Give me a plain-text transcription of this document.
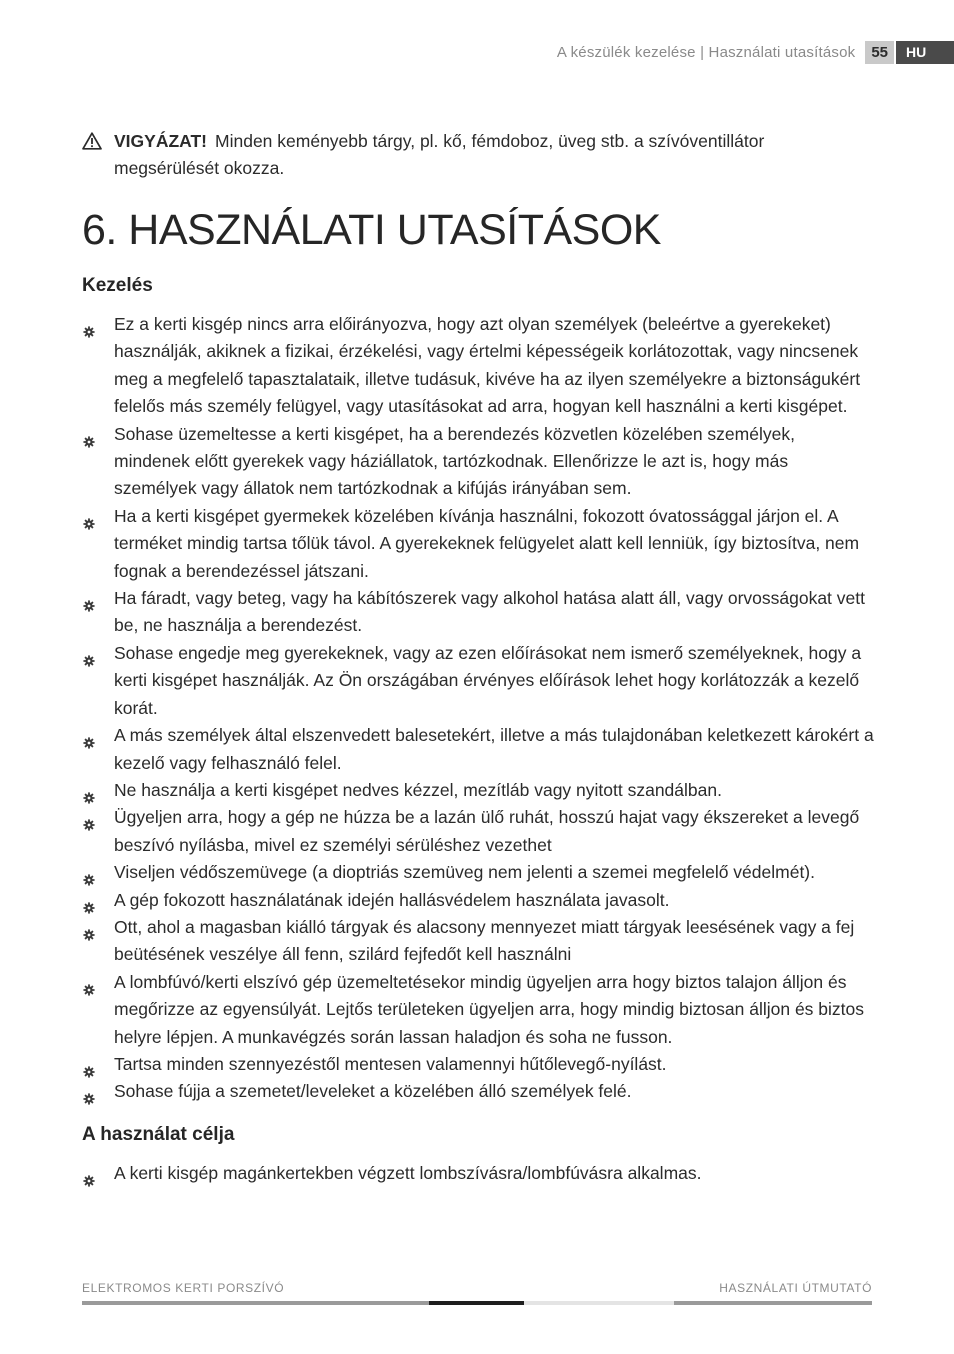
A készülék kezelése | Használati utasítások	55	HU
VIGYÁZAT! Minden keményebb tárgy, pl. kő, fémdoboz, üveg stb. a szívóventillátor megsérülését okozza.
6. HASZNÁLATI UTASÍTÁSOK
Kezelés
Ez a kerti kisgép nincs arra előirányozva, hogy azt olyan személyek (beleértve a gyerekeket) használják, akiknek a fizikai, érzékelési, vagy értelmi képességeik korlátozottak, vagy nincsenek meg a megfelelő tapasztalataik, illetve tudásuk, kivéve ha az ilyen személyekre a biztonságukért felelős más személy felügyel, vagy utasításokat ad arra, hogyan kell használni a kerti kisgépet.
Sohase üzemeltesse a kerti kisgépet, ha a berendezés közvetlen közelében személyek, mindenek előtt gyerekek vagy háziállatok, tartózkodnak. Ellenőrizze le azt is, hogy más személyek vagy állatok nem tartózkodnak a kifújás irányában sem.
Ha a kerti kisgépet gyermekek közelében kívánja használni, fokozott óvatossággal járjon el. A terméket mindig tartsa tőlük távol. A gyerekeknek felügyelet alatt kell lenniük, így biztosítva, nem fognak a berendezéssel játszani.
Ha fáradt, vagy beteg, vagy ha kábítószerek vagy alkohol hatása alatt áll, vagy orvosságokat vett be, ne használja a berendezést.
Sohase engedje meg gyerekeknek, vagy az ezen előírásokat nem ismerő személyeknek, hogy a kerti kisgépet használják. Az Ön országában érvényes előírások lehet hogy korlátozzák a kezelő korát.
A más személyek által elszenvedett balesetekért, illetve a más tulajdonában keletkezett károkért a kezelő vagy felhasználó felel.
Ne használja a kerti kisgépet nedves kézzel, mezítláb vagy nyitott szandálban.
Ügyeljen arra, hogy a gép ne húzza be a lazán ülő ruhát, hosszú hajat vagy ékszereket a levegő beszívó nyílásba, mivel ez személyi sérüléshez vezethet
Viseljen védőszemüvege (a dioptriás szemüveg nem jelenti a szemei megfelelő védelmét).
A gép fokozott használatának idején hallásvédelem használata javasolt.
Ott, ahol a magasban kiálló tárgyak és alacsony mennyezet miatt tárgyak leesésének vagy a fej beütésének veszélye áll fenn, szilárd fejfedőt kell használni
A lombfúvó/kerti elszívó gép üzemeltetésekor mindig ügyeljen arra hogy biztos talajon álljon és megőrizze az egyensúlyát. Lejtős területeken ügyeljen arra, hogy mindig biztosan álljon és biztos helyre lépjen. A munkavégzés során lassan haladjon és soha ne fusson.
Tartsa minden szennyezéstől mentesen valamennyi hűtőlevegő-nyílást.
Sohase fújja a szemetet/leveleket a közelében álló személyek felé.
A használat célja
A kerti kisgép magánkertekben végzett lombszívásra/lombfúvásra alkalmas.
ELEKTROMOS KERTI PORSZÍVÓ	HASZNÁLATI ÚTMUTATÓ
